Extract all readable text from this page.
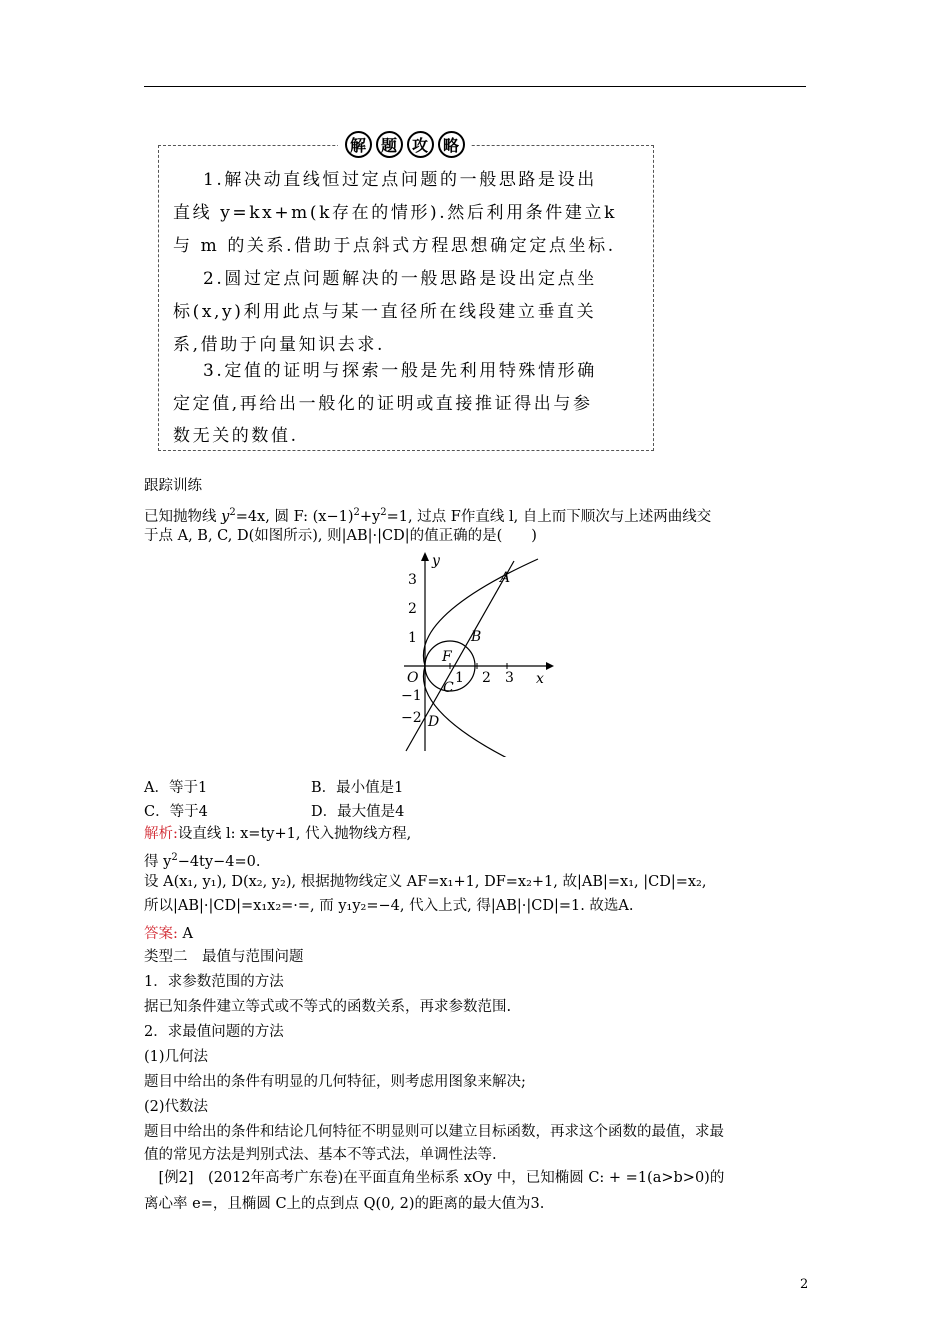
解 题 攻 略
1.解决动直线恒过定点问题的一般思路是设出
直线 y=kx+m(k存在的情形).然后利用条件建立k
与 m 的关系.借助于点斜式方程思想确定定点坐标.
2.圆过定点问题解决的一般思路是设出定点坐
标(x,y)利用此点与某一直径所在线段建立垂直关
系,借助于向量知识去求.
3.定值的证明与探索一般是先利用特殊情形确
定定值,再给出一般化的证明或直接推证得出与参
数无关的数值.
跟踪训练
已知抛物线 $y^2=4x$, 圆 F: $(x-1)^2+y^2=1$, 过点 F作直线 l, 自上而下顺次与上述两曲线交
于点 A, B, C, D(如图所示), 则|AB|·|CD|的值正确的是(　　)
x
y
O	1 2 3
3
2
1
−1
−2
A
B
C
D
F
A．等于1	B．最小值是1
C．等于4	D．最大值是4
解析:设直线 l: x=ty+1, 代入抛物线方程,
得 $y^2-4ty-4=0$.
设 A(x₁, y₁), D(x₂, y₂), 根据抛物线定义 AF=x₁+1, DF=x₂+1, 故|AB|=x₁, |CD|=x₂,
所以|AB|·|CD|=x₁x₂=·=, 而 y₁y₂=−4, 代入上式, 得|AB|·|CD|=1. 故选A.
答案: A
类型二　最值与范围问题
1．求参数范围的方法
据已知条件建立等式或不等式的函数关系，再求参数范围.
2．求最值问题的方法
(1)几何法
题目中给出的条件有明显的几何特征，则考虑用图象来解决;
(2)代数法
题目中给出的条件和结论几何特征不明显则可以建立目标函数，再求这个函数的最值，求最
值的常见方法是判别式法、基本不等式法，单调性法等.
　[例2]　(2012年高考广东卷)在平面直角坐标系 xOy 中，已知椭圆 C: + =1(a>b>0)的
离心率 e=，且椭圆 C上的点到点 Q(0, 2)的距离的最大值为3.
2
